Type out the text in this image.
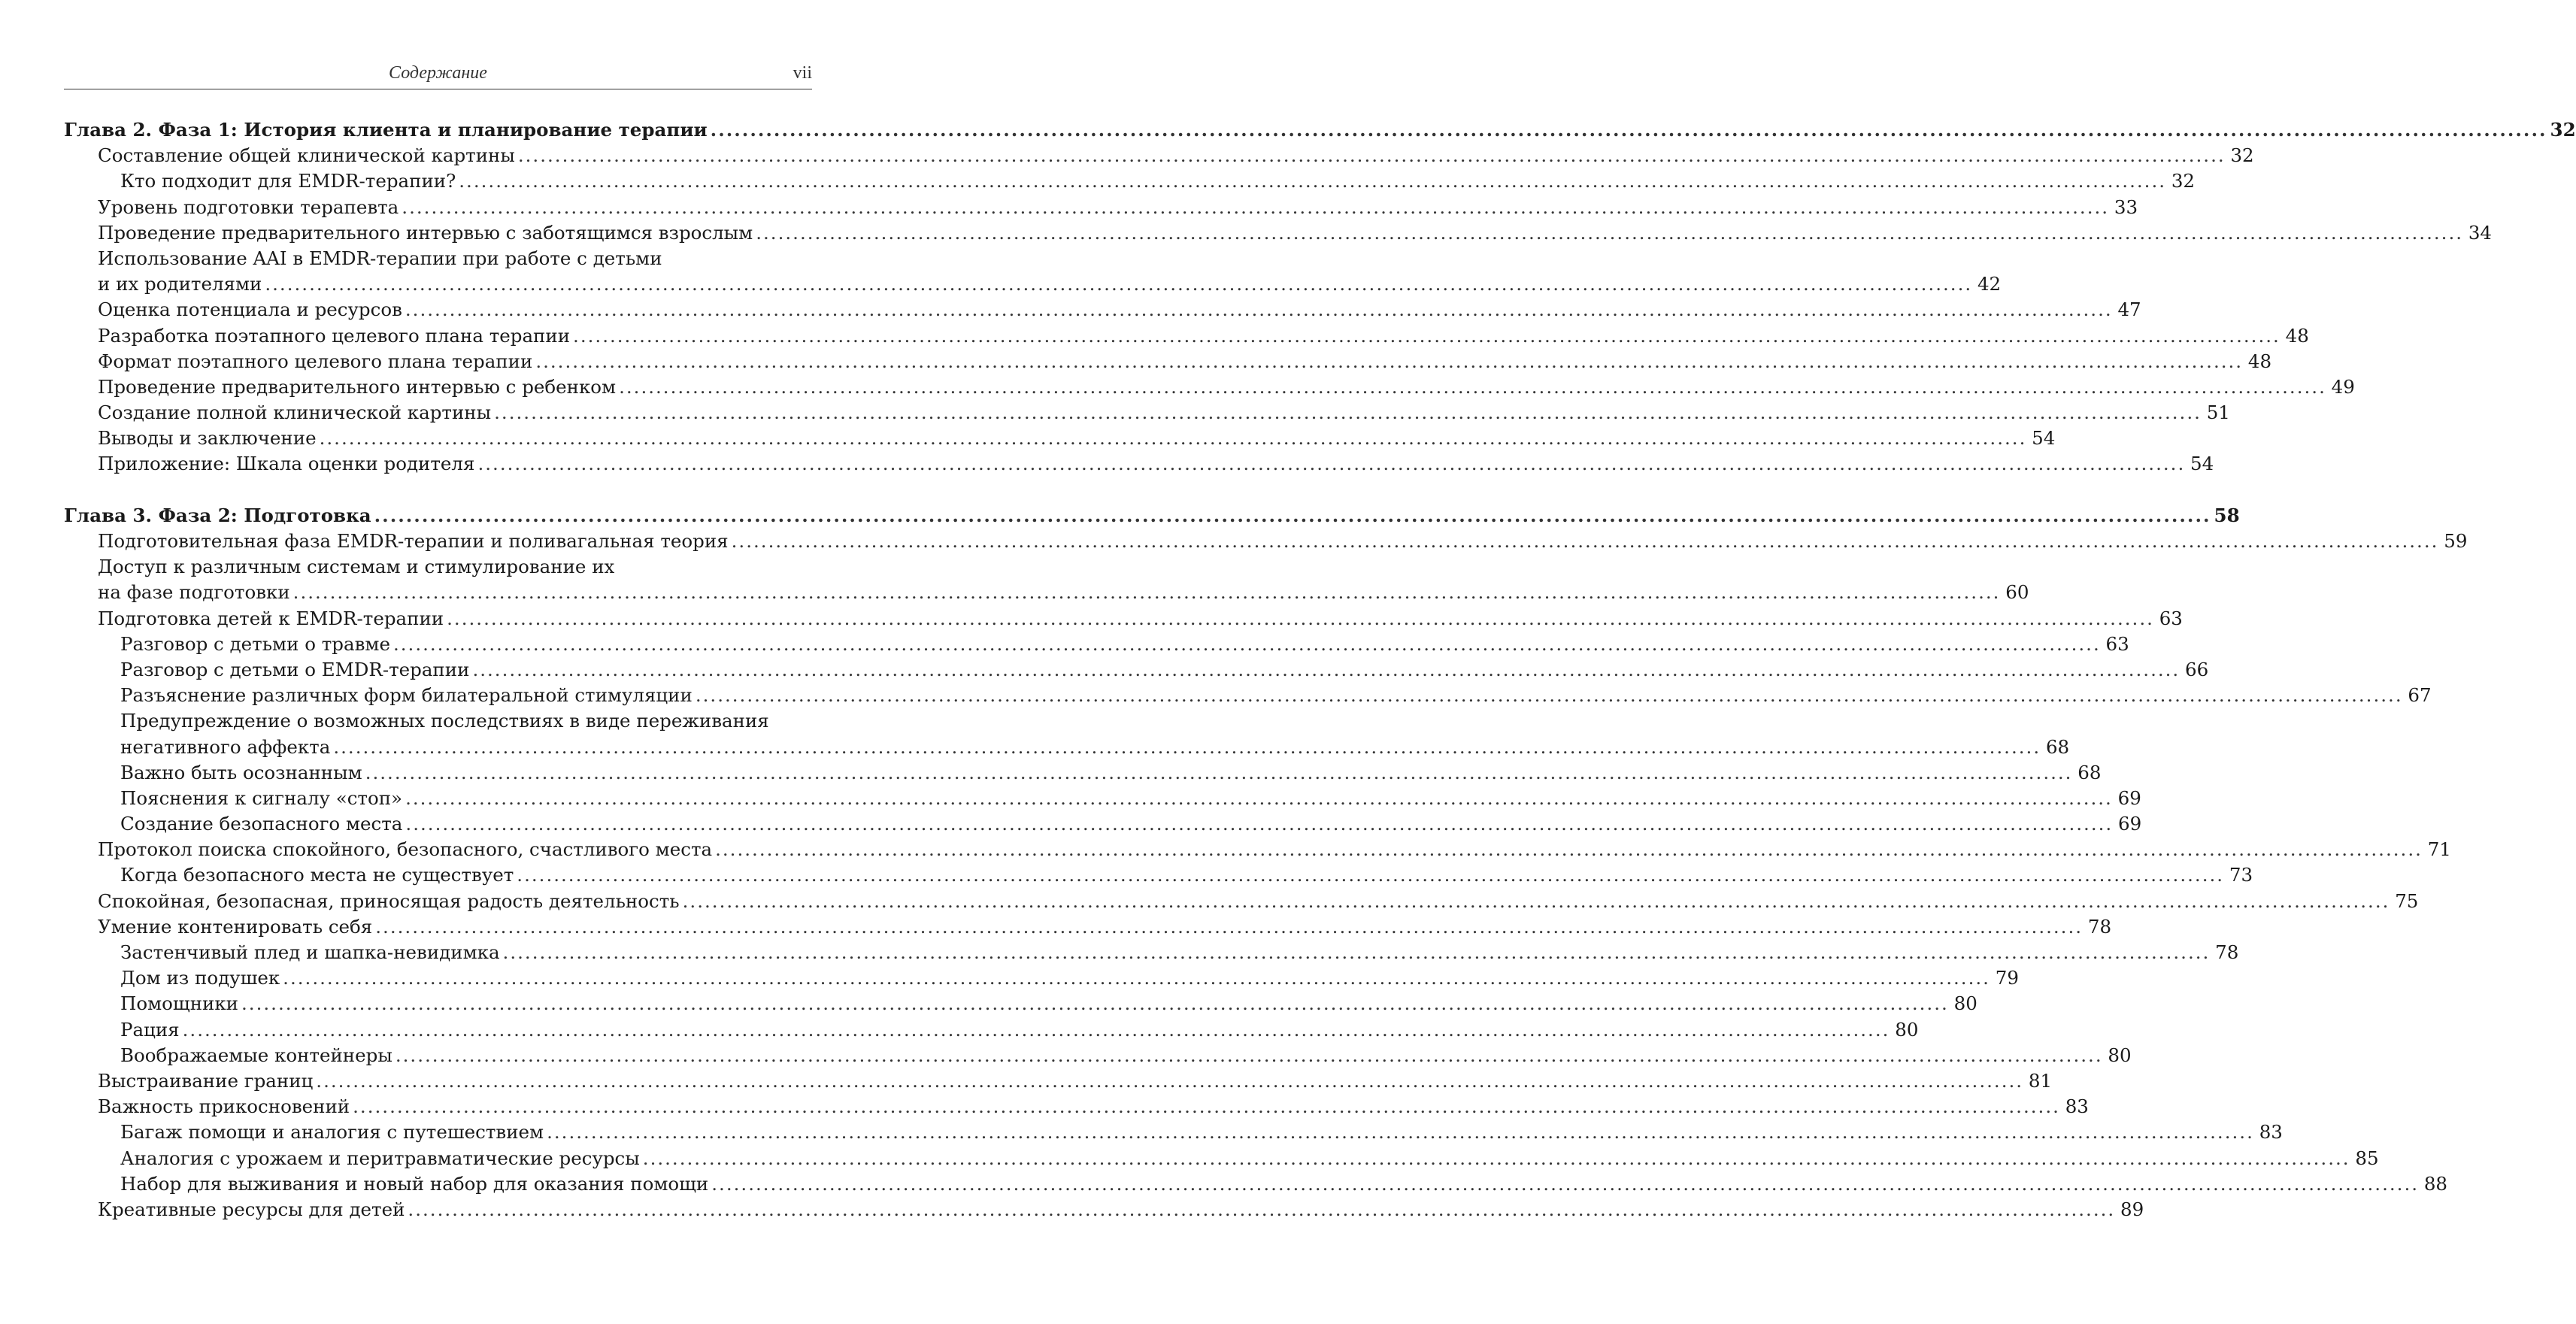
Содержание	vii
Глава 2. Фаза 1: История клиента и планирование терапии .....	32
Составление общей клинической картины .....	32
Кто подходит для EMDR-терапии? .....	32
Уровень подготовки терапевта .....	33
Проведение предварительного интервью с заботящимся взрослым .....	34
Использование AAI в EMDR-терапии при работе с детьми
и их родителями .....	42
Оценка потенциала и ресурсов .....	47
Разработка поэтапного целевого плана терапии .....	48
Формат поэтапного целевого плана терапии .....	48
Проведение предварительного интервью с ребенком .....	49
Создание полной клинической картины .....	51
Выводы и заключение .....	54
Приложение: Шкала оценки родителя .....	54
Глава 3. Фаза 2: Подготовка .....	58
Подготовительная фаза EMDR-терапии и поливагальная теория .....	59
Доступ к различным системам и стимулирование их
на фазе подготовки .....	60
Подготовка детей к EMDR-терапии .....	63
Разговор с детьми о травме .....	63
Разговор с детьми о EMDR-терапии .....	66
Разъяснение различных форм билатеральной стимуляции .....	67
Предупреждение о возможных последствиях в виде переживания
негативного аффекта .....	68
Важно быть осознанным .....	68
Пояснения к сигналу «стоп» .....	69
Создание безопасного места .....	69
Протокол поиска спокойного, безопасного, счастливого места .....	71
Когда безопасного места не существует .....	73
Спокойная, безопасная, приносящая радость деятельность .....	75
Умение контенировать себя .....	78
Застенчивый плед и шапка-невидимка .....	78
Дом из подушек .....	79
Помощники .....	80
Рация .....	80
Воображаемые контейнеры .....	80
Выстраивание границ .....	81
Важность прикосновений .....	83
Багаж помощи и аналогия с путешествием .....	83
Аналогия с урожаем и перитравматические ресурсы .....	85
Набор для выживания и новый набор для оказания помощи .....	88
Креативные ресурсы для детей .....	89
